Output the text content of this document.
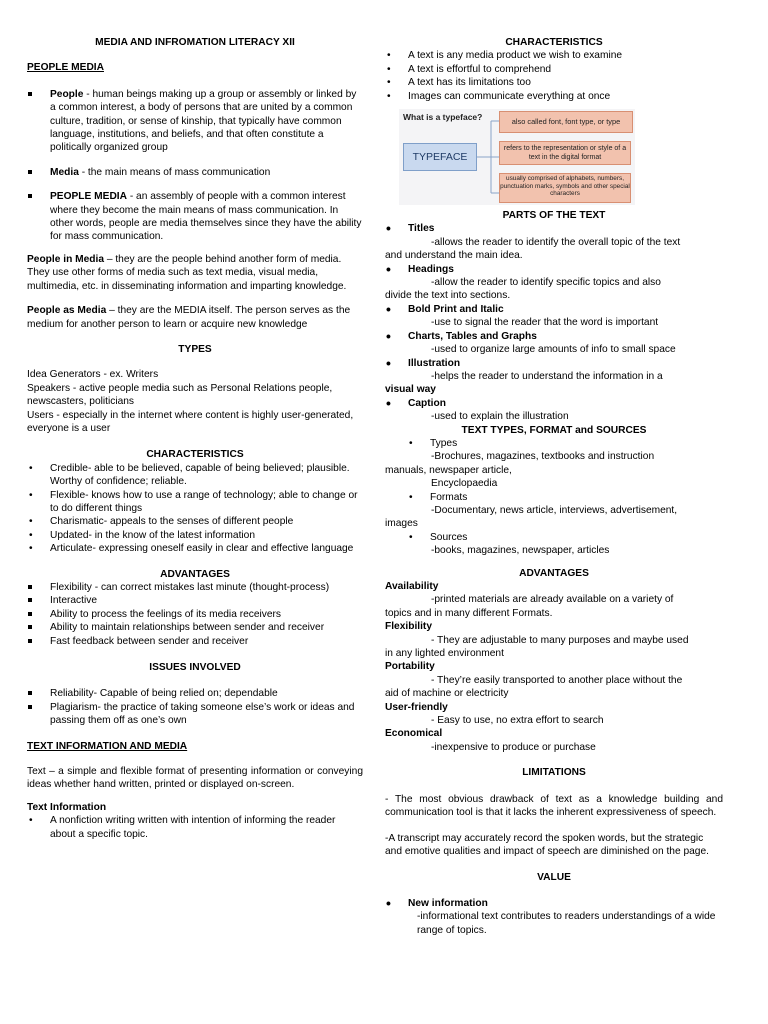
MEDIA AND INFROMATION LITERACY XII

PEOPLE MEDIA

People - human beings making up a group or assembly or linked by a common interest, a body of persons that are united by a common culture, tradition, or sense of kinship, that typically have common language, institutions, and beliefs, and that often constitute a politically organized group
Media - the main means of mass communication
PEOPLE MEDIA - an assembly of people with a common interest where they become the main means of mass communication. In other words, people are media themselves since they have the ability for mass communication.

People in Media – they are the people behind another form of media. They use other forms of media such as text media, visual media, multimedia, etc. in disseminating information and imparting knowledge.

People as Media – they are the MEDIA itself. The person serves as the medium for another person to learn or acquire new knowledge

TYPES

Idea Generators - ex. Writers

Speakers - active people media such as Personal Relations people, newscasters, politicians

Users - especially in the internet where content is highly user-generated, everyone is a user

CHARACTERISTICS

• Credible- able to be believed, capable of being believed; plausible. Worthy of confidence; reliable.
• Flexible- knows how to use a range of technology; able to change or to do different things
• Charismatic- appeals to the senses of different people
• Updated- in the know of the latest information
• Articulate- expressing oneself easily in clear and effective language

ADVANTAGES

Flexibility - can correct mistakes last minute (thought-process)
Interactive
Ability to process the feelings of its media receivers
Ability to maintain relationships between sender and receiver
Fast feedback between sender and receiver

ISSUES INVOLVED

Reliability- Capable of being relied on; dependable
Plagiarism- the practice of taking someone else’s work or ideas and passing them off as one’s own

TEXT INFORMATION AND MEDIA

Text – a simple and flexible format of presenting information or conveying ideas whether hand written, printed or displayed on-screen.

Text Information

• A nonfiction writing written with intention of informing the reader about a specific topic.

CHARACTERISTICS

• A text is any media product we wish to examine
• A text is effortful to comprehend
• A text has its limitations too
• Images can communicate everything at once
What is a typeface?
TYPEFACE
also called font, font type, or type
refers to the representation or style of a text in the digital format
usually comprised of alphabets, numbers, punctuation marks, symbols and other special characters

PARTS OF THE TEXT

• Titles

-allows the reader to identify the overall topic of the text

and understand the main idea.

• Headings

-allow the reader to identify specific topics and also

divide the text into sections.

• Bold Print and Italic

-use to signal the reader that the word is important

• Charts, Tables and Graphs

-used to organize large amounts of info to small space

• Illustration

-helps the reader to understand the information in a

visual way

• Caption

-used to explain the illustration

TEXT TYPES, FORMAT and SOURCES

• Types

-Brochures, magazines, textbooks and instruction

manuals, newspaper article,

Encyclopaedia

• Formats

-Documentary, news article, interviews, advertisement,

images

• Sources

-books, magazines, newspaper, articles

ADVANTAGES

Availability

-printed materials are already available on a variety of

topics and in many different Formats.

Flexibility

- They are adjustable to many purposes and maybe used

in any lighted environment

Portability

- They’re easily transported to another place without the

aid of machine or electricity

User-friendly

- Easy to use, no extra effort to search

Economical

-inexpensive to produce or purchase

LIMITATIONS

- The most obvious drawback of text as a knowledge building and communication tool is that it lacks the inherent expressiveness of speech.

-A transcript may accurately record the spoken words, but the strategic and emotive qualities and impact of speech are diminished on the page.

VALUE

• New information

-informational text contributes to readers understandings of a wide range of topics.
